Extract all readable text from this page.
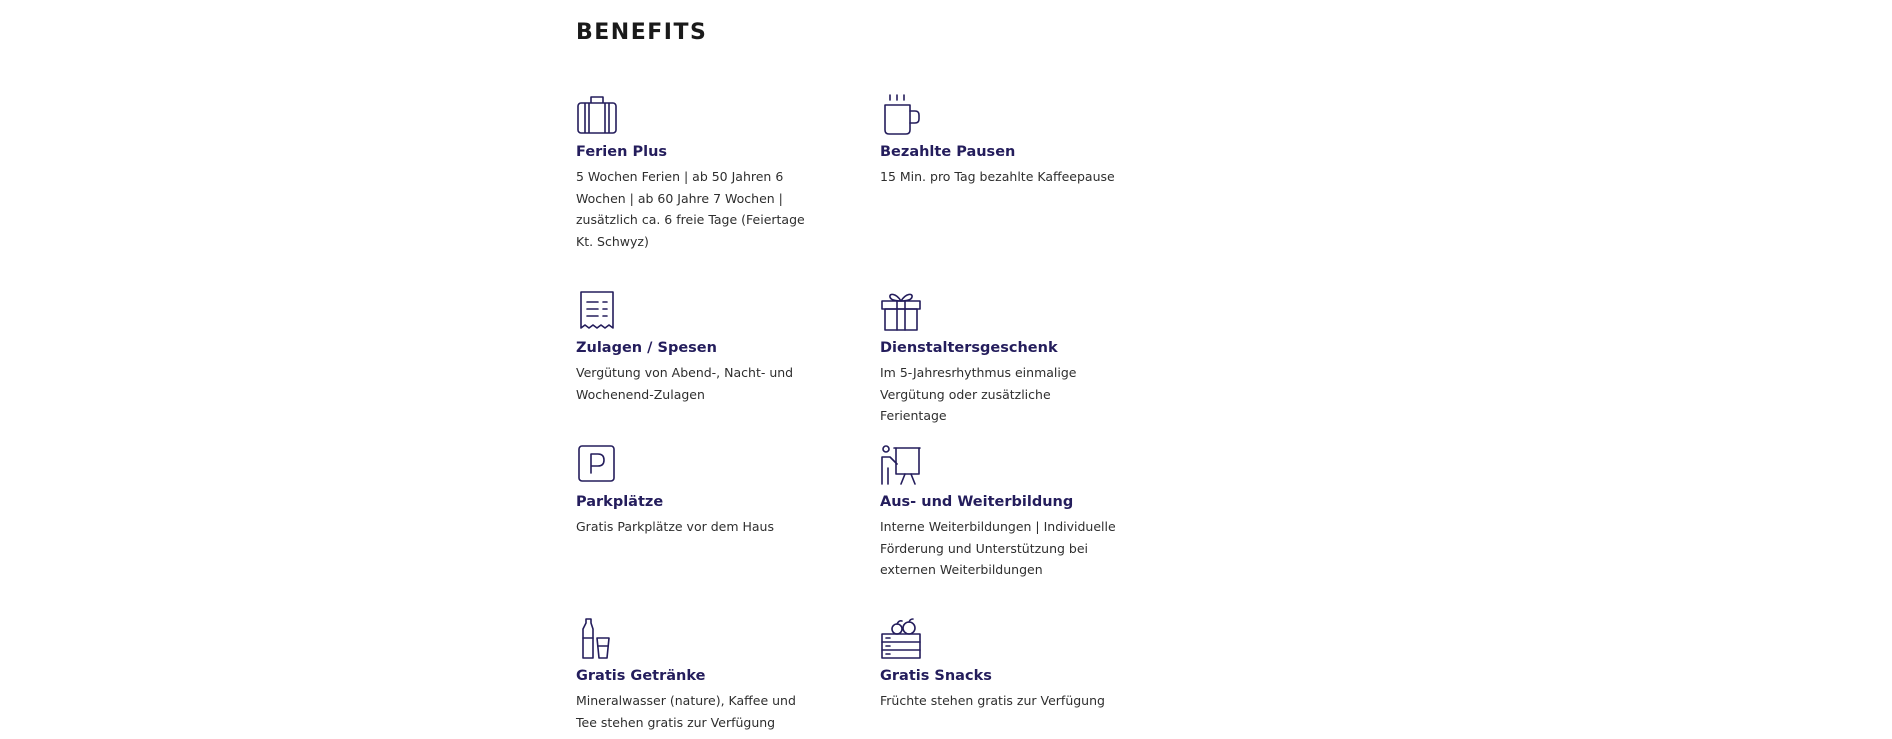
BENEFITS

Ferien Plus

5 Wochen Ferien | ab 50 Jahren 6 Wochen | ab 60 Jahre 7 Wochen | zusätzlich ca. 6 freie Tage (Feiertage Kt. Schwyz)

Bezahlte Pausen

15 Min. pro Tag bezahlte Kaffeepause

Zulagen / Spesen

Vergütung von Abend-, Nacht- und Wochenend-Zulagen

Dienstaltersgeschenk

Im 5-Jahresrhythmus einmalige Vergütung oder zusätzliche Ferientage

Parkplätze

Gratis Parkplätze vor dem Haus

Aus- und Weiterbildung

Interne Weiterbildungen | Individuelle Förderung und Unterstützung bei externen Weiterbildungen

Gratis Getränke

Mineralwasser (nature), Kaffee und Tee stehen gratis zur Verfügung

Gratis Snacks

Früchte stehen gratis zur Verfügung
